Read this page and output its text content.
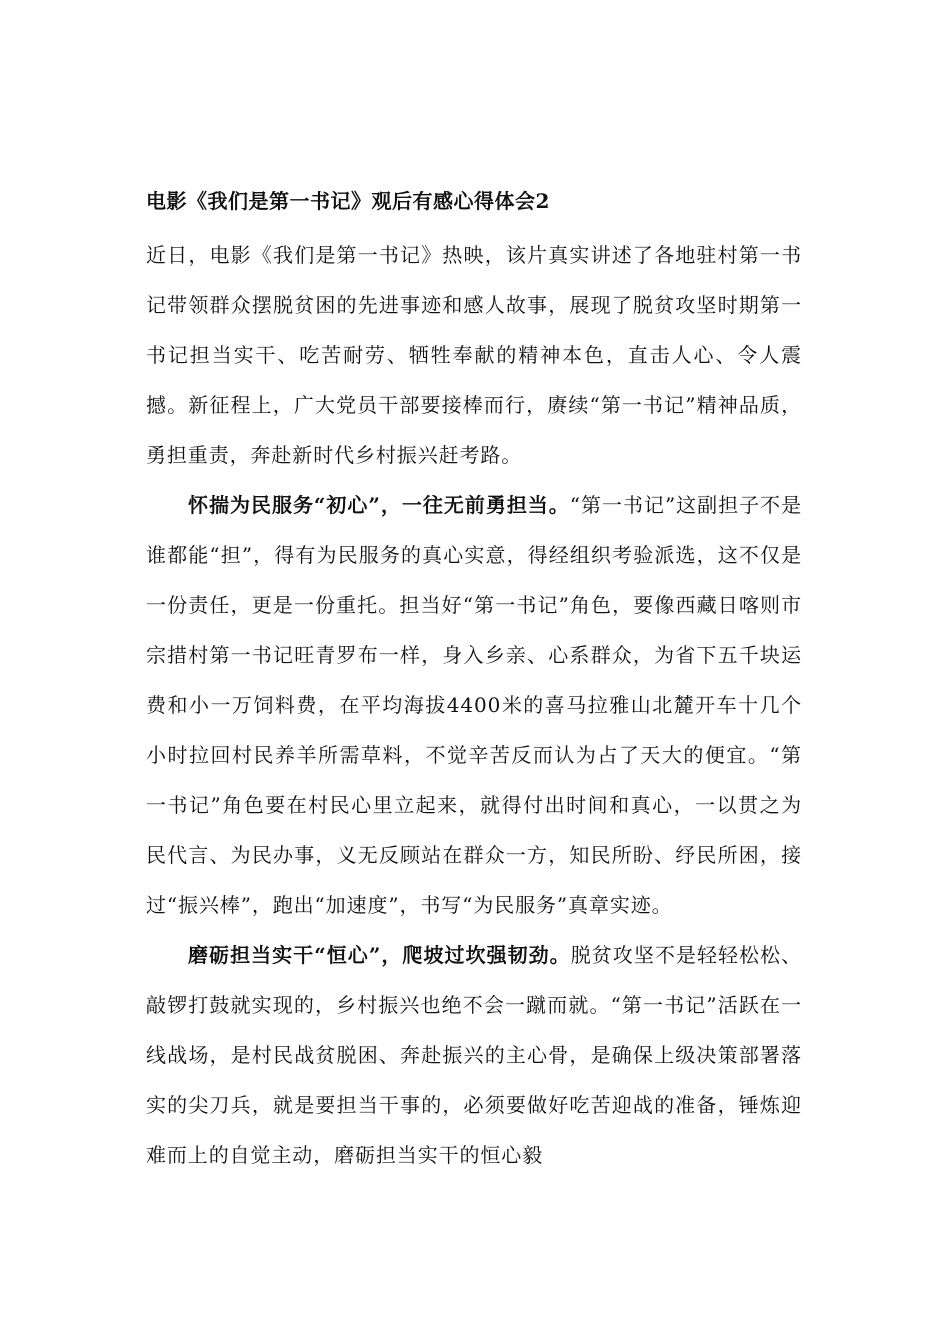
电影《我们是第一书记》观后有感心得体会2

近日，电影《我们是第一书记》热映，该片真实讲述了各地驻村第一书记带领群众摆脱贫困的先进事迹和感人故事，展现了脱贫攻坚时期第一书记担当实干、吃苦耐劳、牺牲奉献的精神本色，直击人心、令人震撼。新征程上，广大党员干部要接棒而行，赓续“第一书记”精神品质，勇担重责，奔赴新时代乡村振兴赶考路。

怀揣为民服务“初心”，一往无前勇担当。“第一书记”这副担子不是谁都能“担”，得有为民服务的真心实意，得经组织考验派选，这不仅是一份责任，更是一份重托。担当好“第一书记”角色，要像西藏日喀则市宗措村第一书记旺青罗布一样，身入乡亲、心系群众，为省下五千块运费和小一万饲料费，在平均海拔4400米的喜马拉雅山北麓开车十几个小时拉回村民养羊所需草料，不觉辛苦反而认为占了天大的便宜。“第一书记”角色要在村民心里立起来，就得付出时间和真心，一以贯之为民代言、为民办事，义无反顾站在群众一方，知民所盼、纾民所困，接过“振兴棒”，跑出“加速度”，书写“为民服务”真章实迹。

磨砺担当实干“恒心”，爬坡过坎强韧劲。脱贫攻坚不是轻轻松松、敲锣打鼓就实现的，乡村振兴也绝不会一蹴而就。“第一书记”活跃在一线战场，是村民战贫脱困、奔赴振兴的主心骨，是确保上级决策部署落实的尖刀兵，就是要担当干事的，必须要做好吃苦迎战的准备，锤炼迎难而上的自觉主动，磨砺担当实干的恒心毅
